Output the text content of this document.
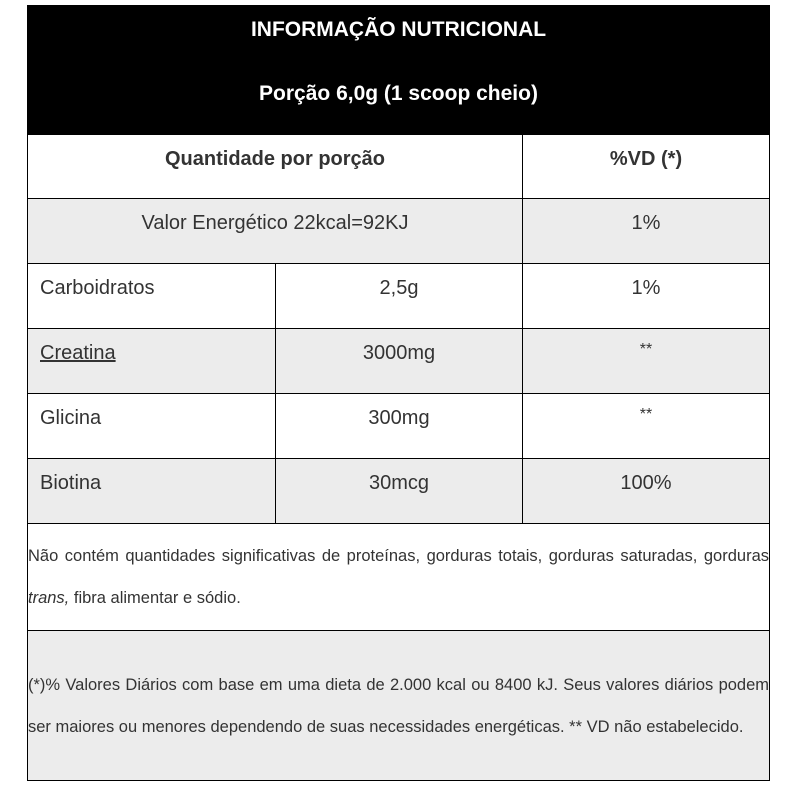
INFORMAÇÃO NUTRICIONAL
Porção 6,0g (1 scoop cheio)		

Quantidade por porção		%VD (*)
Valor Energético 22kcal=92KJ		1%
Carboidratos	2,5g	1%
Creatina	3000mg	**
Glicina	300mg	**
Biotina	30mcg	100%
Não contém quantidades significativas de proteínas, gorduras totais, gorduras saturadas, gorduras trans, fibra alimentar e sódio.		
(*)% Valores Diários com base em uma dieta de 2.000 kcal ou 8400 kJ. Seus valores diários podem ser maiores ou menores dependendo de suas necessidades energéticas. ** VD não estabelecido.		
